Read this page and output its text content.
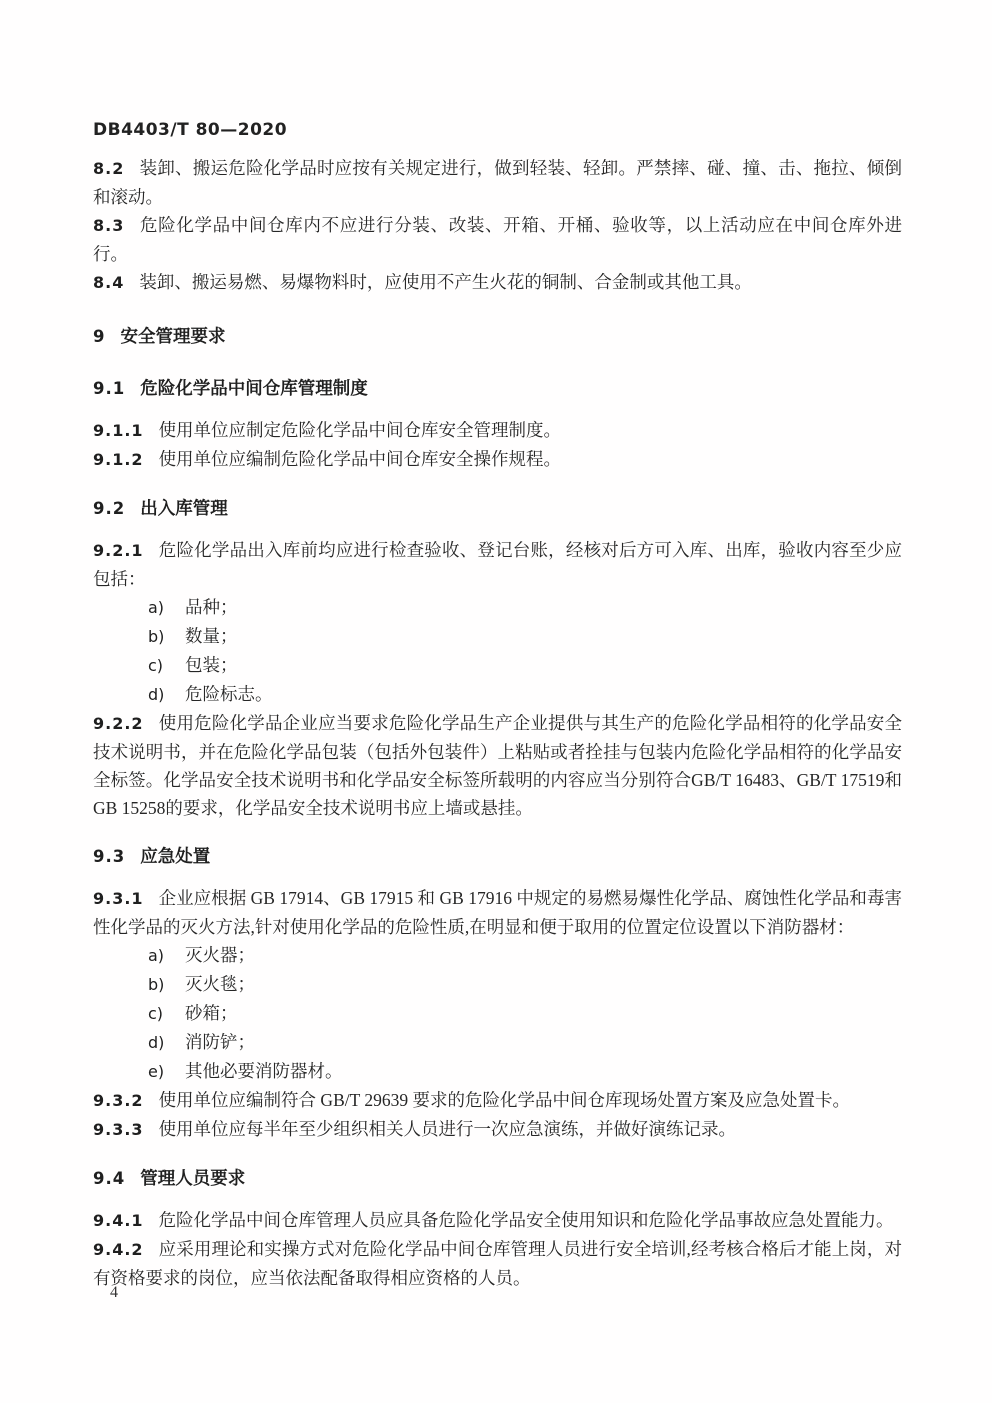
DB4403/T 80—2020

8.2 装卸、搬运危险化学品时应按有关规定进行，做到轻装、轻卸。严禁摔、碰、撞、击、拖拉、倾倒和滚动。

8.3 危险化学品中间仓库内不应进行分装、改装、开箱、开桶、验收等，以上活动应在中间仓库外进行。

8.4 装卸、搬运易燃、易爆物料时，应使用不产生火花的铜制、合金制或其他工具。

9 安全管理要求
9.1 危险化学品中间仓库管理制度

9.1.1 使用单位应制定危险化学品中间仓库安全管理制度。

9.1.2 使用单位应编制危险化学品中间仓库安全操作规程。

9.2 出入库管理

9.2.1 危险化学品出入库前均应进行检查验收、登记台账，经核对后方可入库、出库，验收内容至少应包括：

a) 品种；

b) 数量；

c) 包装；

d) 危险标志。

9.2.2 使用危险化学品企业应当要求危险化学品生产企业提供与其生产的危险化学品相符的化学品安全技术说明书，并在危险化学品包装（包括外包装件）上粘贴或者拴挂与包装内危险化学品相符的化学品安全标签。化学品安全技术说明书和化学品安全标签所载明的内容应当分别符合GB/T 16483、GB/T 17519和GB 15258的要求，化学品安全技术说明书应上墙或悬挂。

9.3 应急处置

9.3.1 企业应根据 GB 17914、GB 17915 和 GB 17916 中规定的易燃易爆性化学品、腐蚀性化学品和毒害性化学品的灭火方法,针对使用化学品的危险性质,在明显和便于取用的位置定位设置以下消防器材：

a) 灭火器；

b) 灭火毯；

c) 砂箱；

d) 消防铲；

e) 其他必要消防器材。

9.3.2 使用单位应编制符合 GB/T 29639 要求的危险化学品中间仓库现场处置方案及应急处置卡。

9.3.3 使用单位应每半年至少组织相关人员进行一次应急演练，并做好演练记录。

9.4 管理人员要求

9.4.1 危险化学品中间仓库管理人员应具备危险化学品安全使用知识和危险化学品事故应急处置能力。

9.4.2 应采用理论和实操方式对危险化学品中间仓库管理人员进行安全培训,经考核合格后才能上岗，对有资格要求的岗位，应当依法配备取得相应资格的人员。

4
